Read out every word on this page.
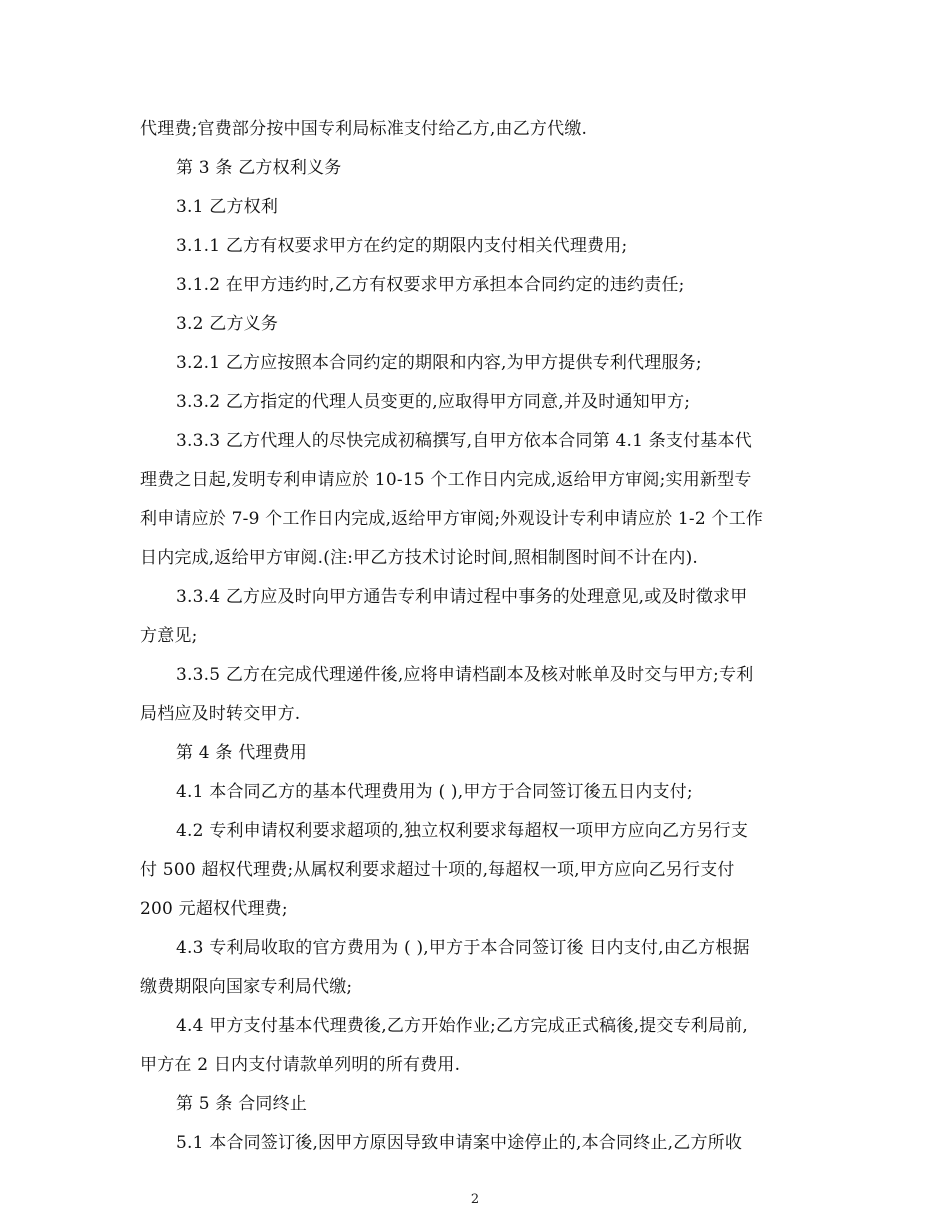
代理费;官费部分按中国专利局标准支付给乙方,由乙方代缴.
第 3 条 乙方权利义务
3.1 乙方权利
3.1.1 乙方有权要求甲方在约定的期限内支付相关代理费用;
3.1.2 在甲方违约时,乙方有权要求甲方承担本合同约定的违约责任;
3.2 乙方义务
3.2.1 乙方应按照本合同约定的期限和内容,为甲方提供专利代理服务;
3.3.2 乙方指定的代理人员变更的,应取得甲方同意,并及时通知甲方;
3.3.3 乙方代理人的尽快完成初稿撰写,自甲方依本合同第 4.1 条支付基本代
理费之日起,发明专利申请应於 10-15 个工作日内完成,返给甲方审阅;实用新型专
利申请应於 7-9 个工作日内完成,返给甲方审阅;外观设计专利申请应於 1-2 个工作
日内完成,返给甲方审阅.(注:甲乙方技术讨论时间,照相制图时间不计在内).
3.3.4 乙方应及时向甲方通告专利申请过程中事务的处理意见,或及时徵求甲
方意见;
3.3.5 乙方在完成代理递件後,应将申请档副本及核对帐单及时交与甲方;专利
局档应及时转交甲方.
第 4 条 代理费用
4.1 本合同乙方的基本代理费用为 ( ),甲方于合同签订後五日内支付;
4.2 专利申请权利要求超项的,独立权利要求每超权一项甲方应向乙方另行支
付 500 超权代理费;从属权利要求超过十项的,每超权一项,甲方应向乙另行支付
200 元超权代理费;
4.3 专利局收取的官方费用为 ( ),甲方于本合同签订後 日内支付,由乙方根据
缴费期限向国家专利局代缴;
4.4 甲方支付基本代理费後,乙方开始作业;乙方完成正式稿後,提交专利局前,
甲方在 2 日内支付请款单列明的所有费用.
第 5 条 合同终止
5.1 本合同签订後,因甲方原因导致申请案中途停止的,本合同终止,乙方所收
2
